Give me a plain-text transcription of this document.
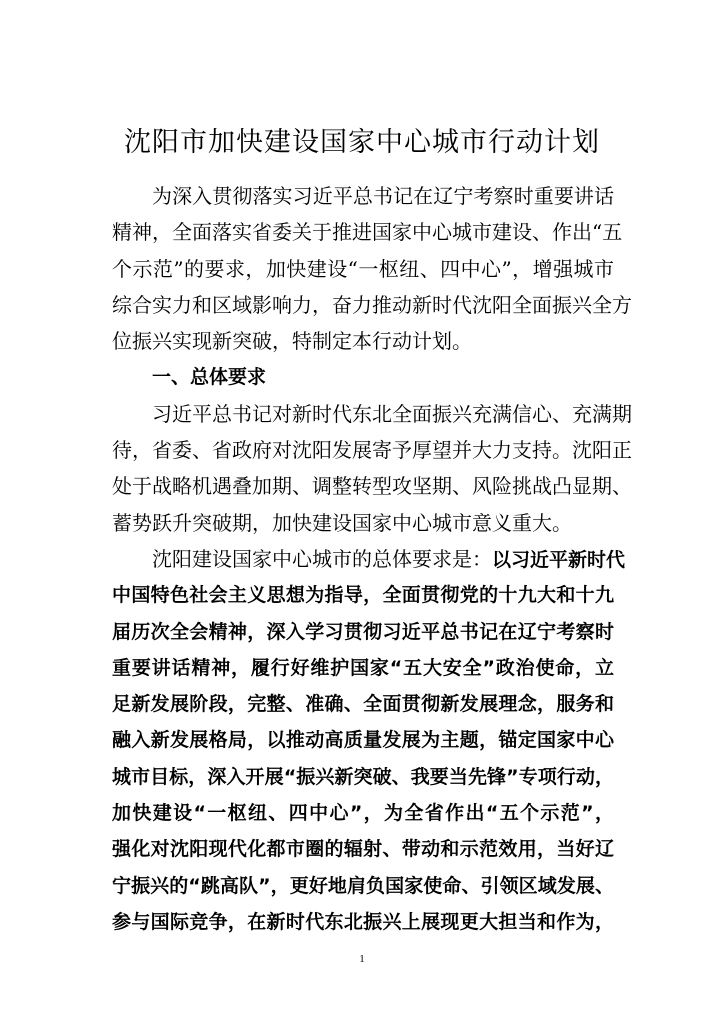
沈阳市加快建设国家中心城市行动计划
为深入贯彻落实习近平总书记在辽宁考察时重要讲话
精神，全面落实省委关于推进国家中心城市建设、作出“五
个示范”的要求，加快建设“一枢纽、四中心”，增强城市
综合实力和区域影响力，奋力推动新时代沈阳全面振兴全方
位振兴实现新突破，特制定本行动计划。
一、总体要求
习近平总书记对新时代东北全面振兴充满信心、充满期
待，省委、省政府对沈阳发展寄予厚望并大力支持。沈阳正
处于战略机遇叠加期、调整转型攻坚期、风险挑战凸显期、
蓄势跃升突破期，加快建设国家中心城市意义重大。
沈阳建设国家中心城市的总体要求是：以习近平新时代
中国特色社会主义思想为指导，全面贯彻党的十九大和十九
届历次全会精神，深入学习贯彻习近平总书记在辽宁考察时
重要讲话精神，履行好维护国家“五大安全”政治使命，立
足新发展阶段，完整、准确、全面贯彻新发展理念，服务和
融入新发展格局，以推动高质量发展为主题，锚定国家中心
城市目标，深入开展“振兴新突破、我要当先锋”专项行动，
加快建设“一枢纽、四中心”，为全省作出“五个示范”，
强化对沈阳现代化都市圈的辐射、带动和示范效用，当好辽
宁振兴的“跳高队”，更好地肩负国家使命、引领区域发展、
参与国际竞争，在新时代东北振兴上展现更大担当和作为，
1
